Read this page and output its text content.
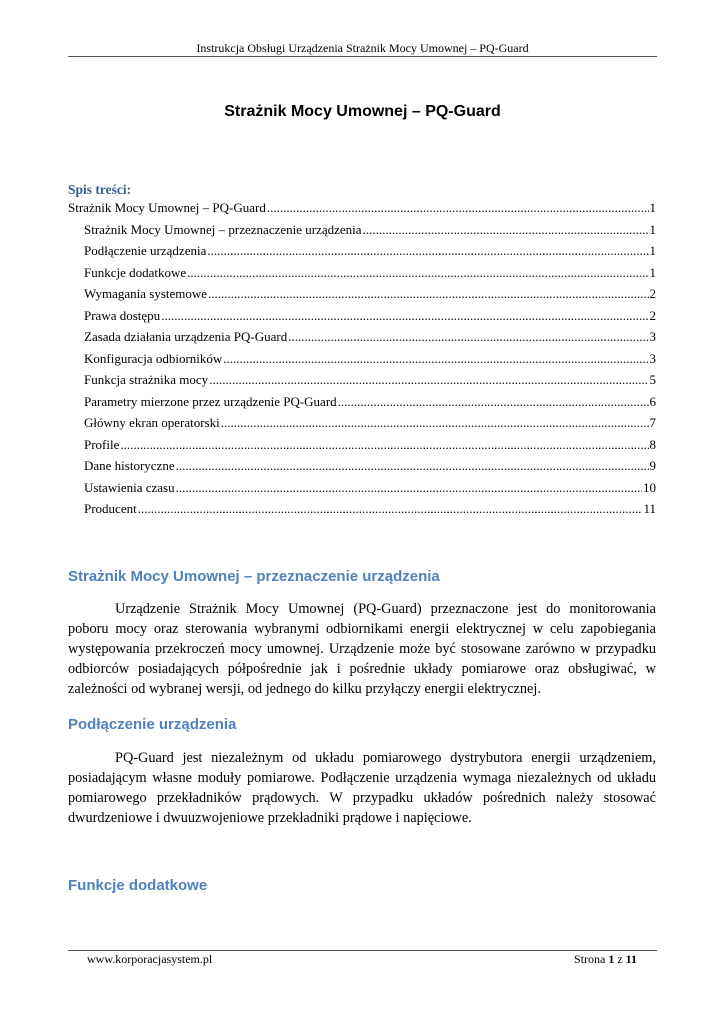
Instrukcja Obsługi Urządzenia Strażnik Mocy Umownej – PQ-Guard
Strażnik Mocy Umownej – PQ-Guard
Spis treści:
Strażnik Mocy Umownej – PQ-Guard .....	1
Strażnik Mocy Umownej – przeznaczenie urządzenia .....	1
Podłączenie urządzenia .....	1
Funkcje dodatkowe .....	1
Wymagania systemowe .....	2
Prawa dostępu .....	2
Zasada działania urządzenia PQ-Guard .....	3
Konfiguracja odbiorników .....	3
Funkcja strażnika mocy .....	5
Parametry mierzone przez urządzenie PQ-Guard .....	6
Główny ekran operatorski .....	7
Profile .....	8
Dane historyczne .....	9
Ustawienia czasu .....	10
Producent .....	11
Strażnik Mocy Umownej – przeznaczenie urządzenia

Urządzenie Strażnik Mocy Umownej (PQ-Guard) przeznaczone jest do monitorowania poboru mocy oraz sterowania wybranymi odbiornikami energii elektrycznej w celu zapobiegania występowania przekroczeń mocy umownej. Urządzenie może być stosowane zarówno w przypadku odbiorców posiadających półpośrednie jak i pośrednie układy pomiarowe oraz obsługiwać, w zależności od wybranej wersji, od jednego do kilku przyłączy energii elektrycznej.

Podłączenie urządzenia

PQ-Guard jest niezależnym od układu pomiarowego dystrybutora energii urządzeniem, posiadającym własne moduły pomiarowe. Podłączenie urządzenia wymaga niezależnych od układu pomiarowego przekładników prądowych. W przypadku układów pośrednich należy stosować dwurdzeniowe i dwuuzwojeniowe przekładniki prądowe i napięciowe.

Funkcje dodatkowe
www.korporacjasystem.pl	Strona 1 z 11
